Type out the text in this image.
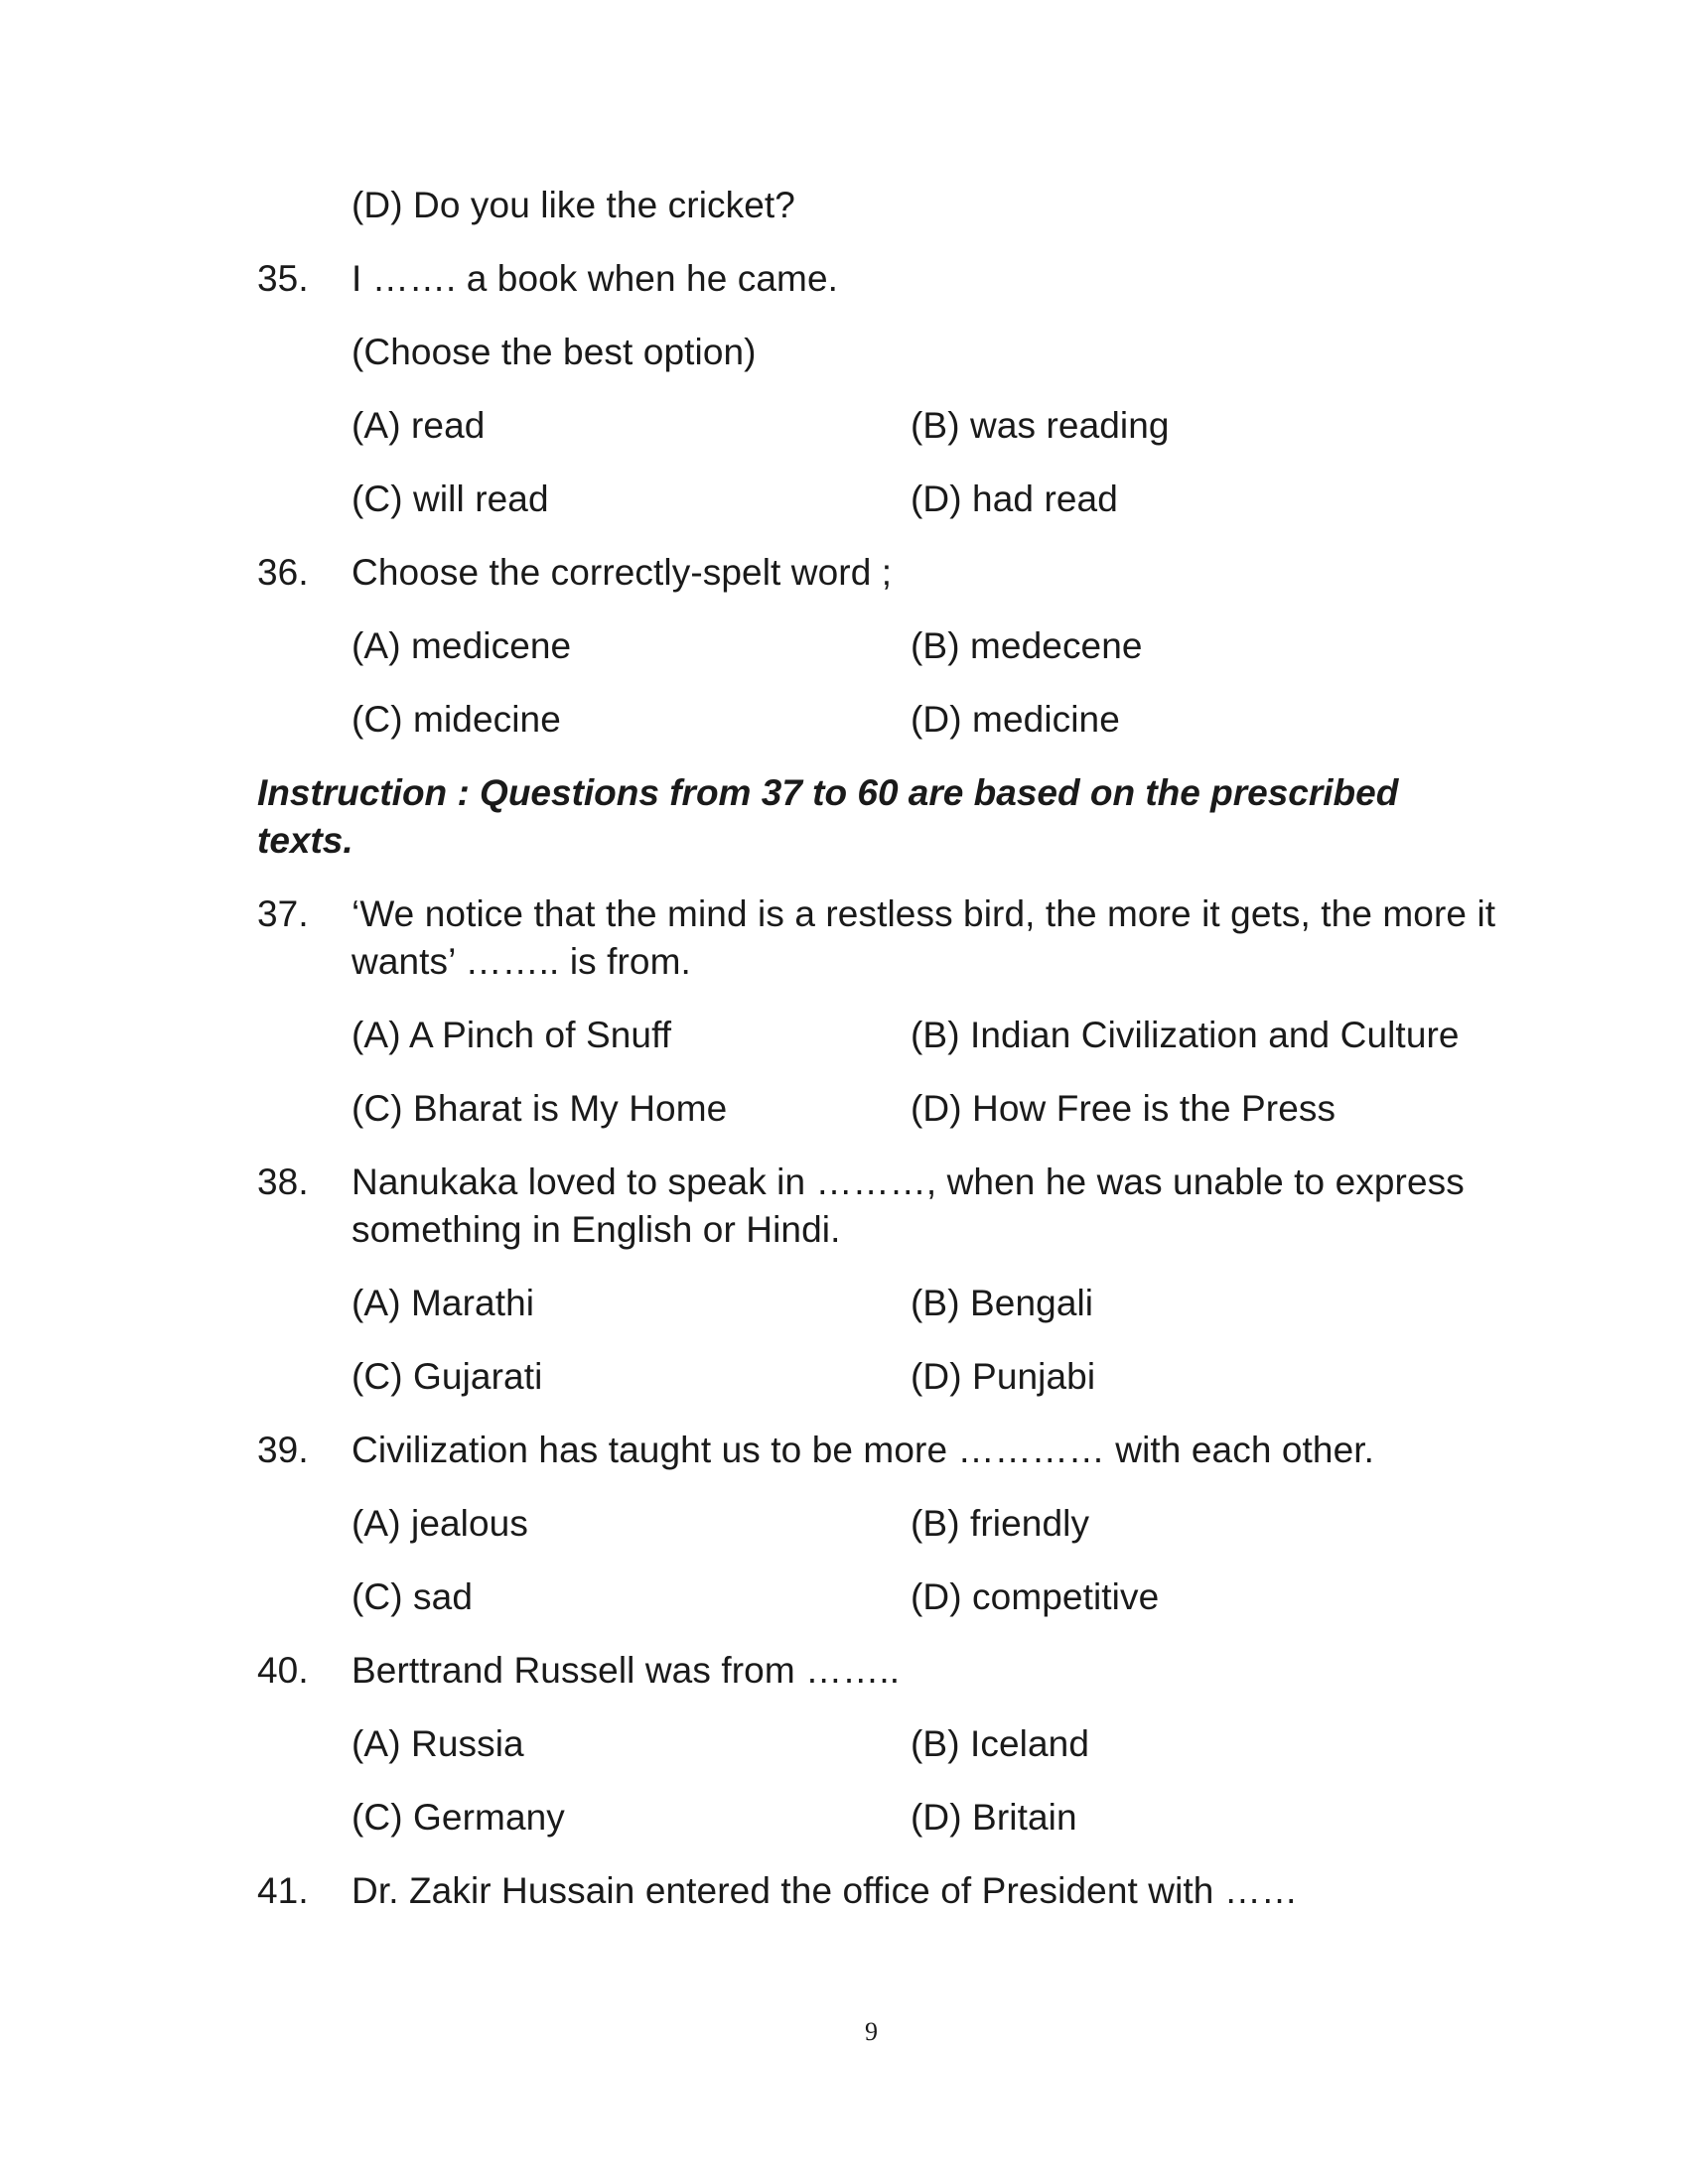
(D) Do you like the cricket?
35. I ……. a book when he came.
(Choose the best option)
(A) read	(B) was reading
(C) will read	(D) had read
36. Choose the correctly-spelt word ;
(A) medicene	(B) medecene
(C) midecine	(D) medicine
Instruction : Questions from 37 to 60 are based on the prescribed
texts.
37. ‘We notice that the mind is a restless bird, the more it gets, the more it
wants’ …….. is from.
(A) A Pinch of Snuff	(B) Indian Civilization and Culture
(C) Bharat is My Home	(D) How Free is the Press
38. Nanukaka loved to speak in ………, when he was unable to express
something in English or Hindi.
(A) Marathi	(B) Bengali
(C) Gujarati	(D) Punjabi
39. Civilization has taught us to be more ………… with each other.
(A) jealous	(B) friendly
(C) sad	(D) competitive
40. Berttrand Russell was from ……..
(A) Russia	(B) Iceland
(C) Germany	(D) Britain
41. Dr. Zakir Hussain entered the office of President with ……
9
